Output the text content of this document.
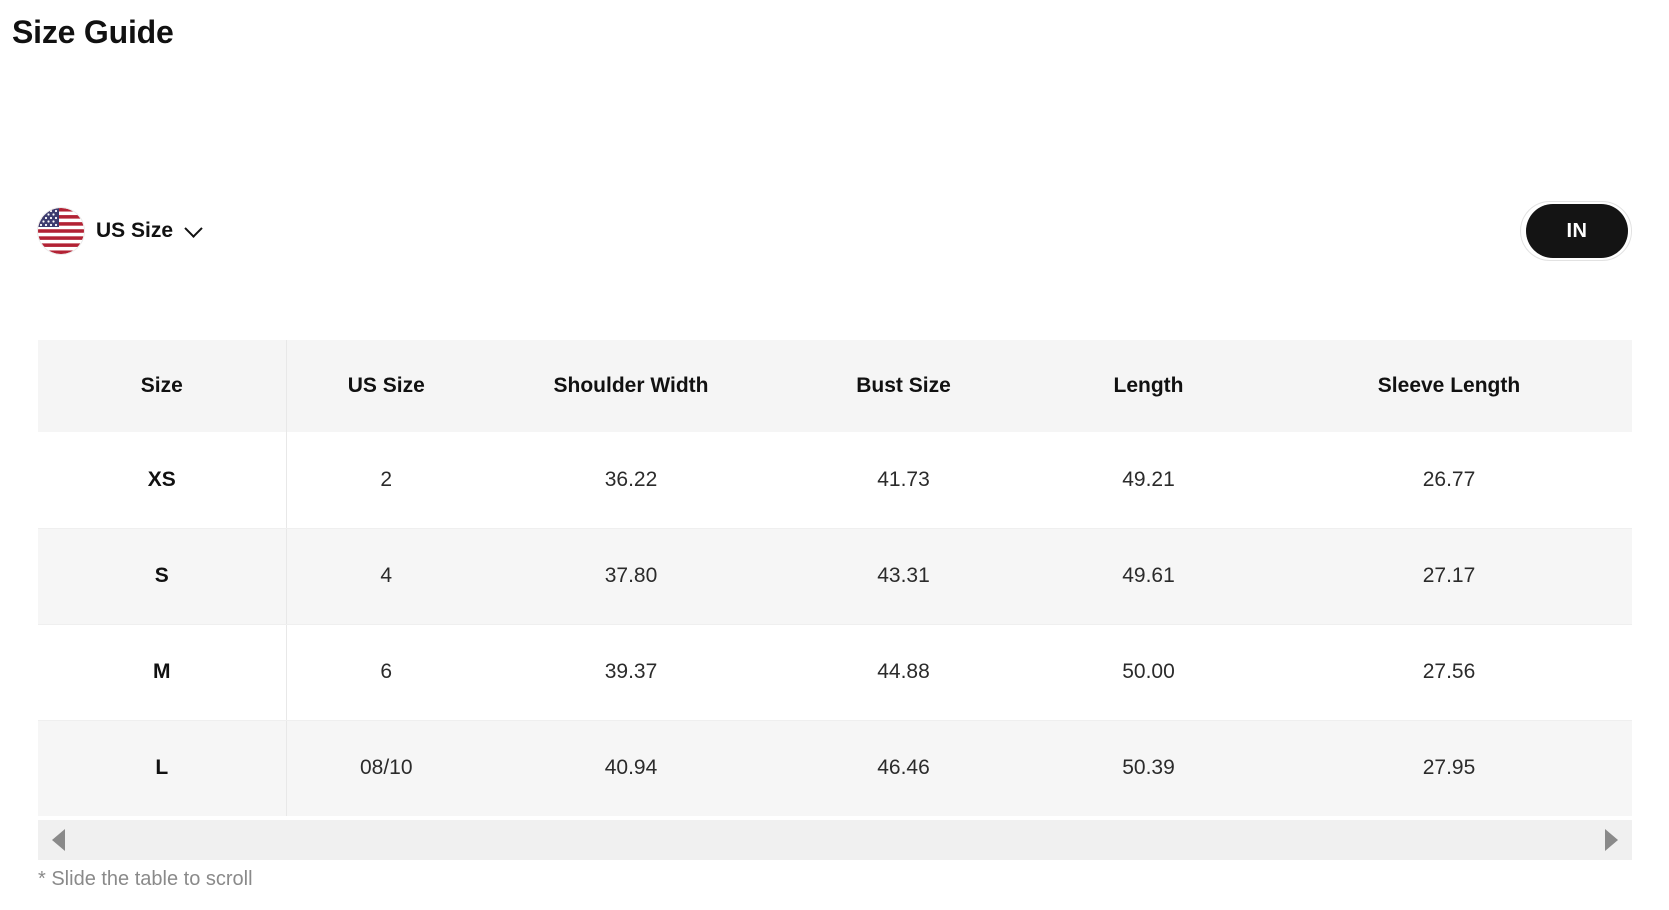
Size Guide
US Size	IN
Size	US Size	Shoulder Width	Bust Size	Length	Sleeve Length
XS	2	36.22	41.73	49.21	26.77
S	4	37.80	43.31	49.61	27.17
M	6	39.37	44.88	50.00	27.56
L	08/10	40.94	46.46	50.39	27.95
* Slide the table to scroll
